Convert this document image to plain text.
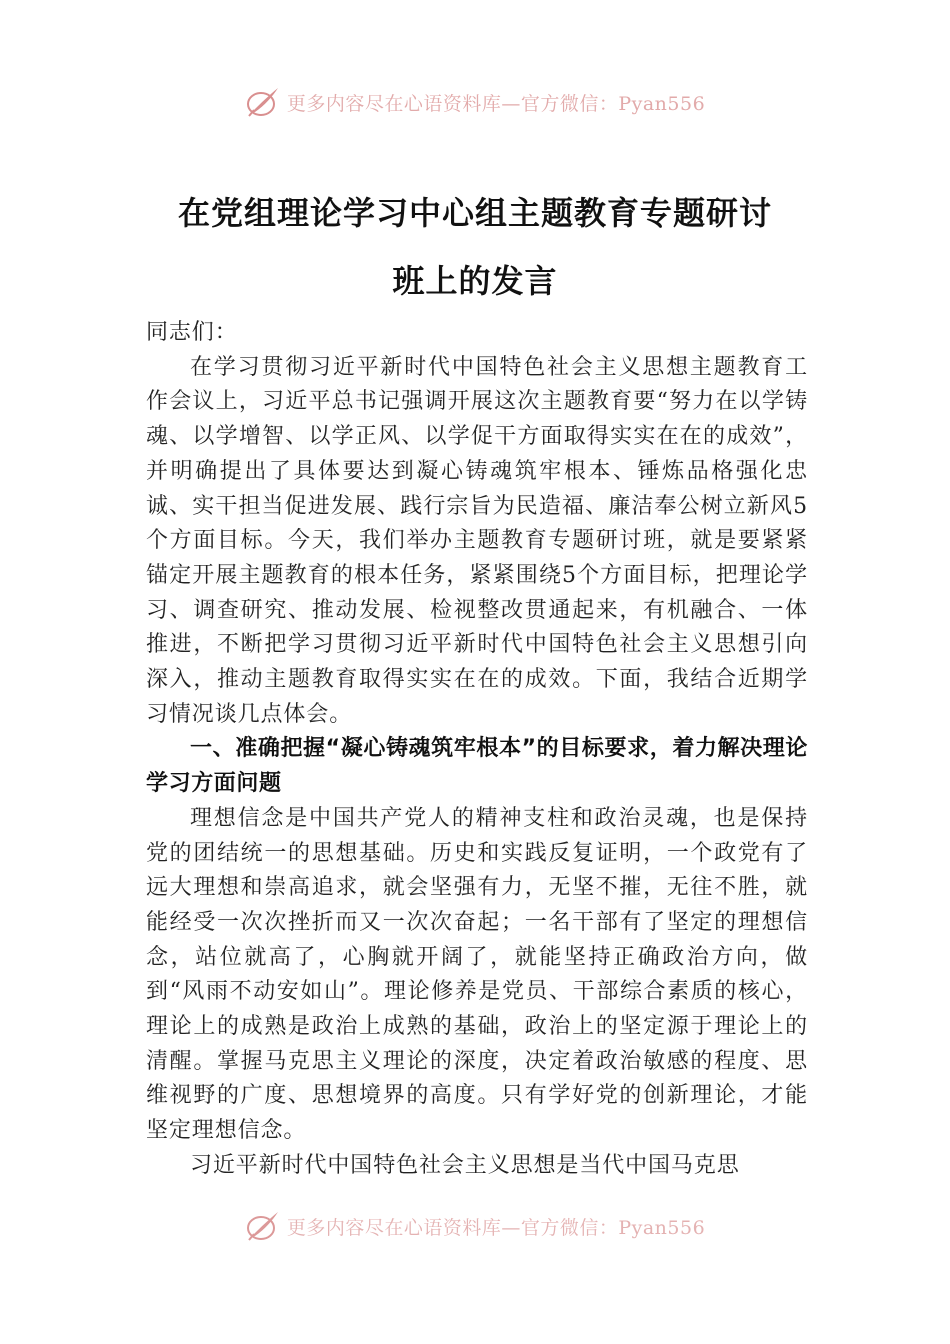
更多内容尽在心语资料库—官方微信：Pyan556
在党组理论学习中心组主题教育专题研讨
班上的发言

同志们：

在学习贯彻习近平新时代中国特色社会主义思想主题教育工作会议上，习近平总书记强调开展这次主题教育要“努力在以学铸魂、以学增智、以学正风、以学促干方面取得实实在在的成效”，并明确提出了具体要达到凝心铸魂筑牢根本、锤炼品格强化忠诚、实干担当促进发展、践行宗旨为民造福、廉洁奉公树立新风5个方面目标。今天，我们举办主题教育专题研讨班，就是要紧紧锚定开展主题教育的根本任务，紧紧围绕5个方面目标，把理论学习、调查研究、推动发展、检视整改贯通起来，有机融合、一体推进，不断把学习贯彻习近平新时代中国特色社会主义思想引向深入，推动主题教育取得实实在在的成效。下面，我结合近期学习情况谈几点体会。

一、准确把握“凝心铸魂筑牢根本”的目标要求，着力解决理论学习方面问题

理想信念是中国共产党人的精神支柱和政治灵魂，也是保持党的团结统一的思想基础。历史和实践反复证明，一个政党有了远大理想和崇高追求，就会坚强有力，无坚不摧，无往不胜，就能经受一次次挫折而又一次次奋起；一名干部有了坚定的理想信念，站位就高了，心胸就开阔了，就能坚持正确政治方向，做到“风雨不动安如山”。理论修养是党员、干部综合素质的核心，理论上的成熟是政治上成熟的基础，政治上的坚定源于理论上的清醒。掌握马克思主义理论的深度，决定着政治敏感的程度、思维视野的广度、思想境界的高度。只有学好党的创新理论，才能坚定理想信念。

习近平新时代中国特色社会主义思想是当代中国马克思

更多内容尽在心语资料库—官方微信：Pyan556
